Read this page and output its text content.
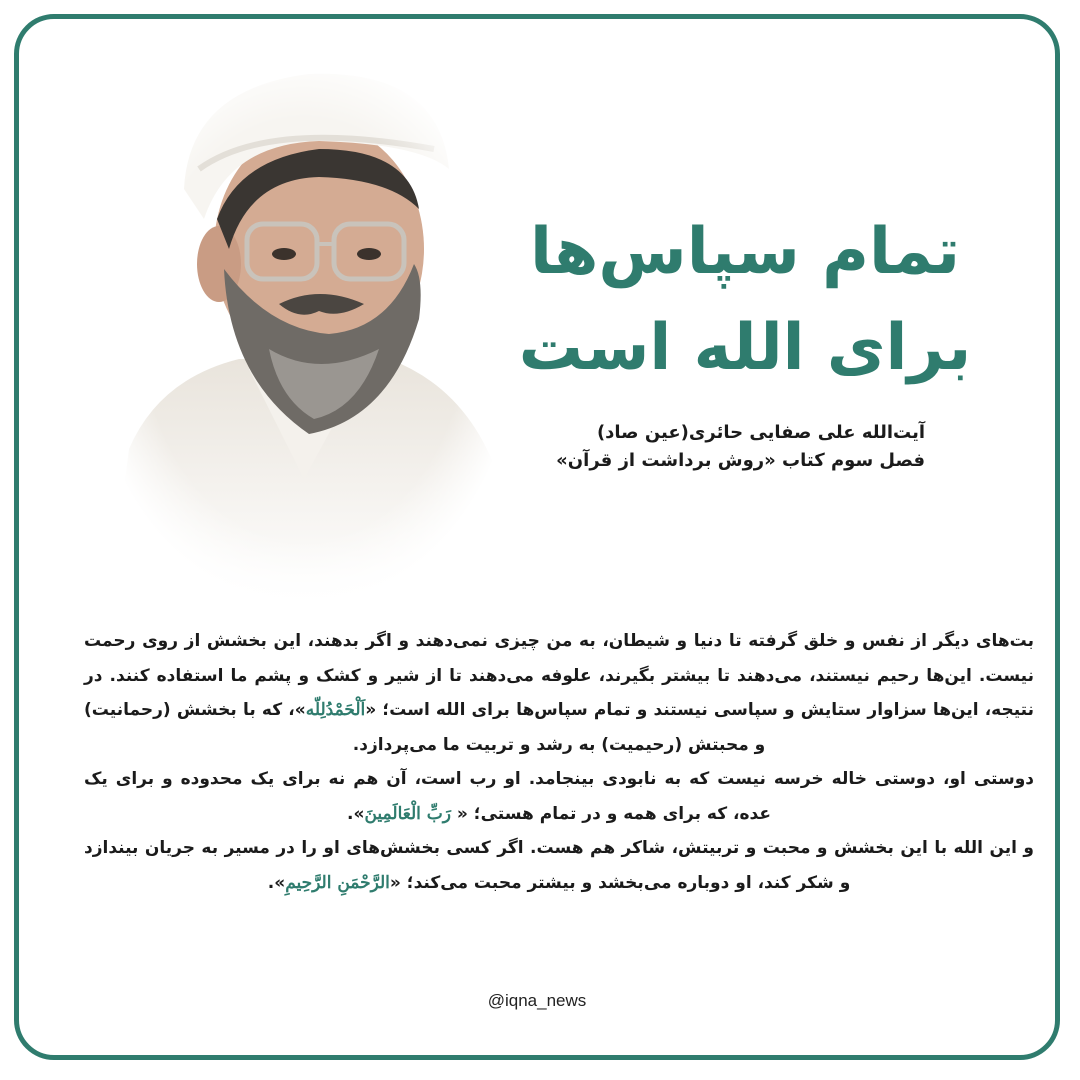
تمام سپاس‌ها
برای الله است
آیت‌الله علی صفایی حائری(عین صاد)
فصل سوم کتاب «روش برداشت از قرآن»

بت‌های دیگر از نفس و خلق گرفته تا دنیا و شیطان، به من چیزی نمی‌دهند و اگر بدهند، این بخشش از روی رحمت نیست. این‌ها رحیم نیستند، می‌دهند تا بیشتر بگیرند، علوفه می‌دهند تا از شیر و کشک و پشم ما استفاده کنند. در نتیجه، این‌ها سزاوار ستایش و سپاسی نیستند و تمام سپاس‌ها برای الله است؛ «اَلْحَمْدُلِلّه»، که با بخشش (رحمانیت) و محبتش (رحیمیت) به رشد و تربیت ما می‌پردازد.

دوستی او، دوستی خاله خرسه نیست که به نابودی بینجامد. او رب است، آن هم نه برای یک محدوده و برای یک عده، که برای همه و در تمام هستی؛ « رَبِّ الْعَالَمِینَ».

و این الله با این بخشش و محبت و تربیتش، شاکر هم هست. اگر کسی بخشش‌های او را در مسیر به جریان بیندازد و شکر کند، او دوباره می‌بخشد و بیشتر محبت می‌کند؛ «الرَّحْمَنِ الرَّحِیمِ».

@iqna_news
